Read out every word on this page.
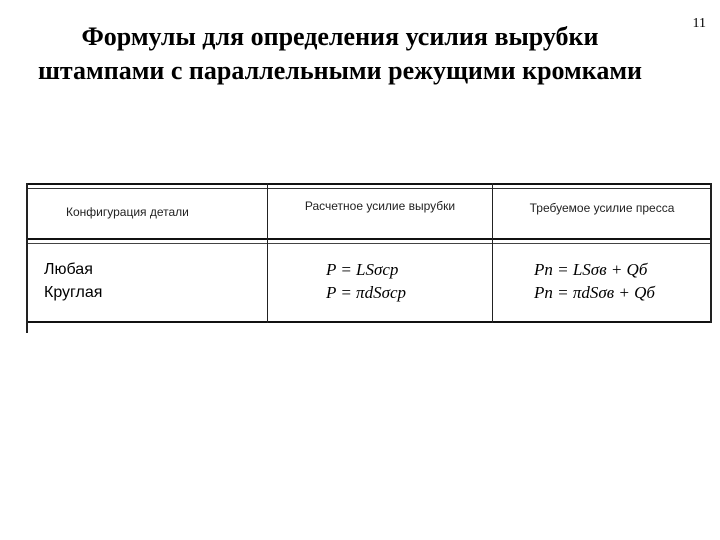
Формулы для определения усилия вырубки
штампами с параллельными режущими кромками
11
Конфигурация детали	Расчетное усилие вырубки	Требуемое усилие пресса
Любая
Круглая
P = LSσср
P = πdSσср
Pп = LSσв + Qб
Pп = πdSσв + Qб
